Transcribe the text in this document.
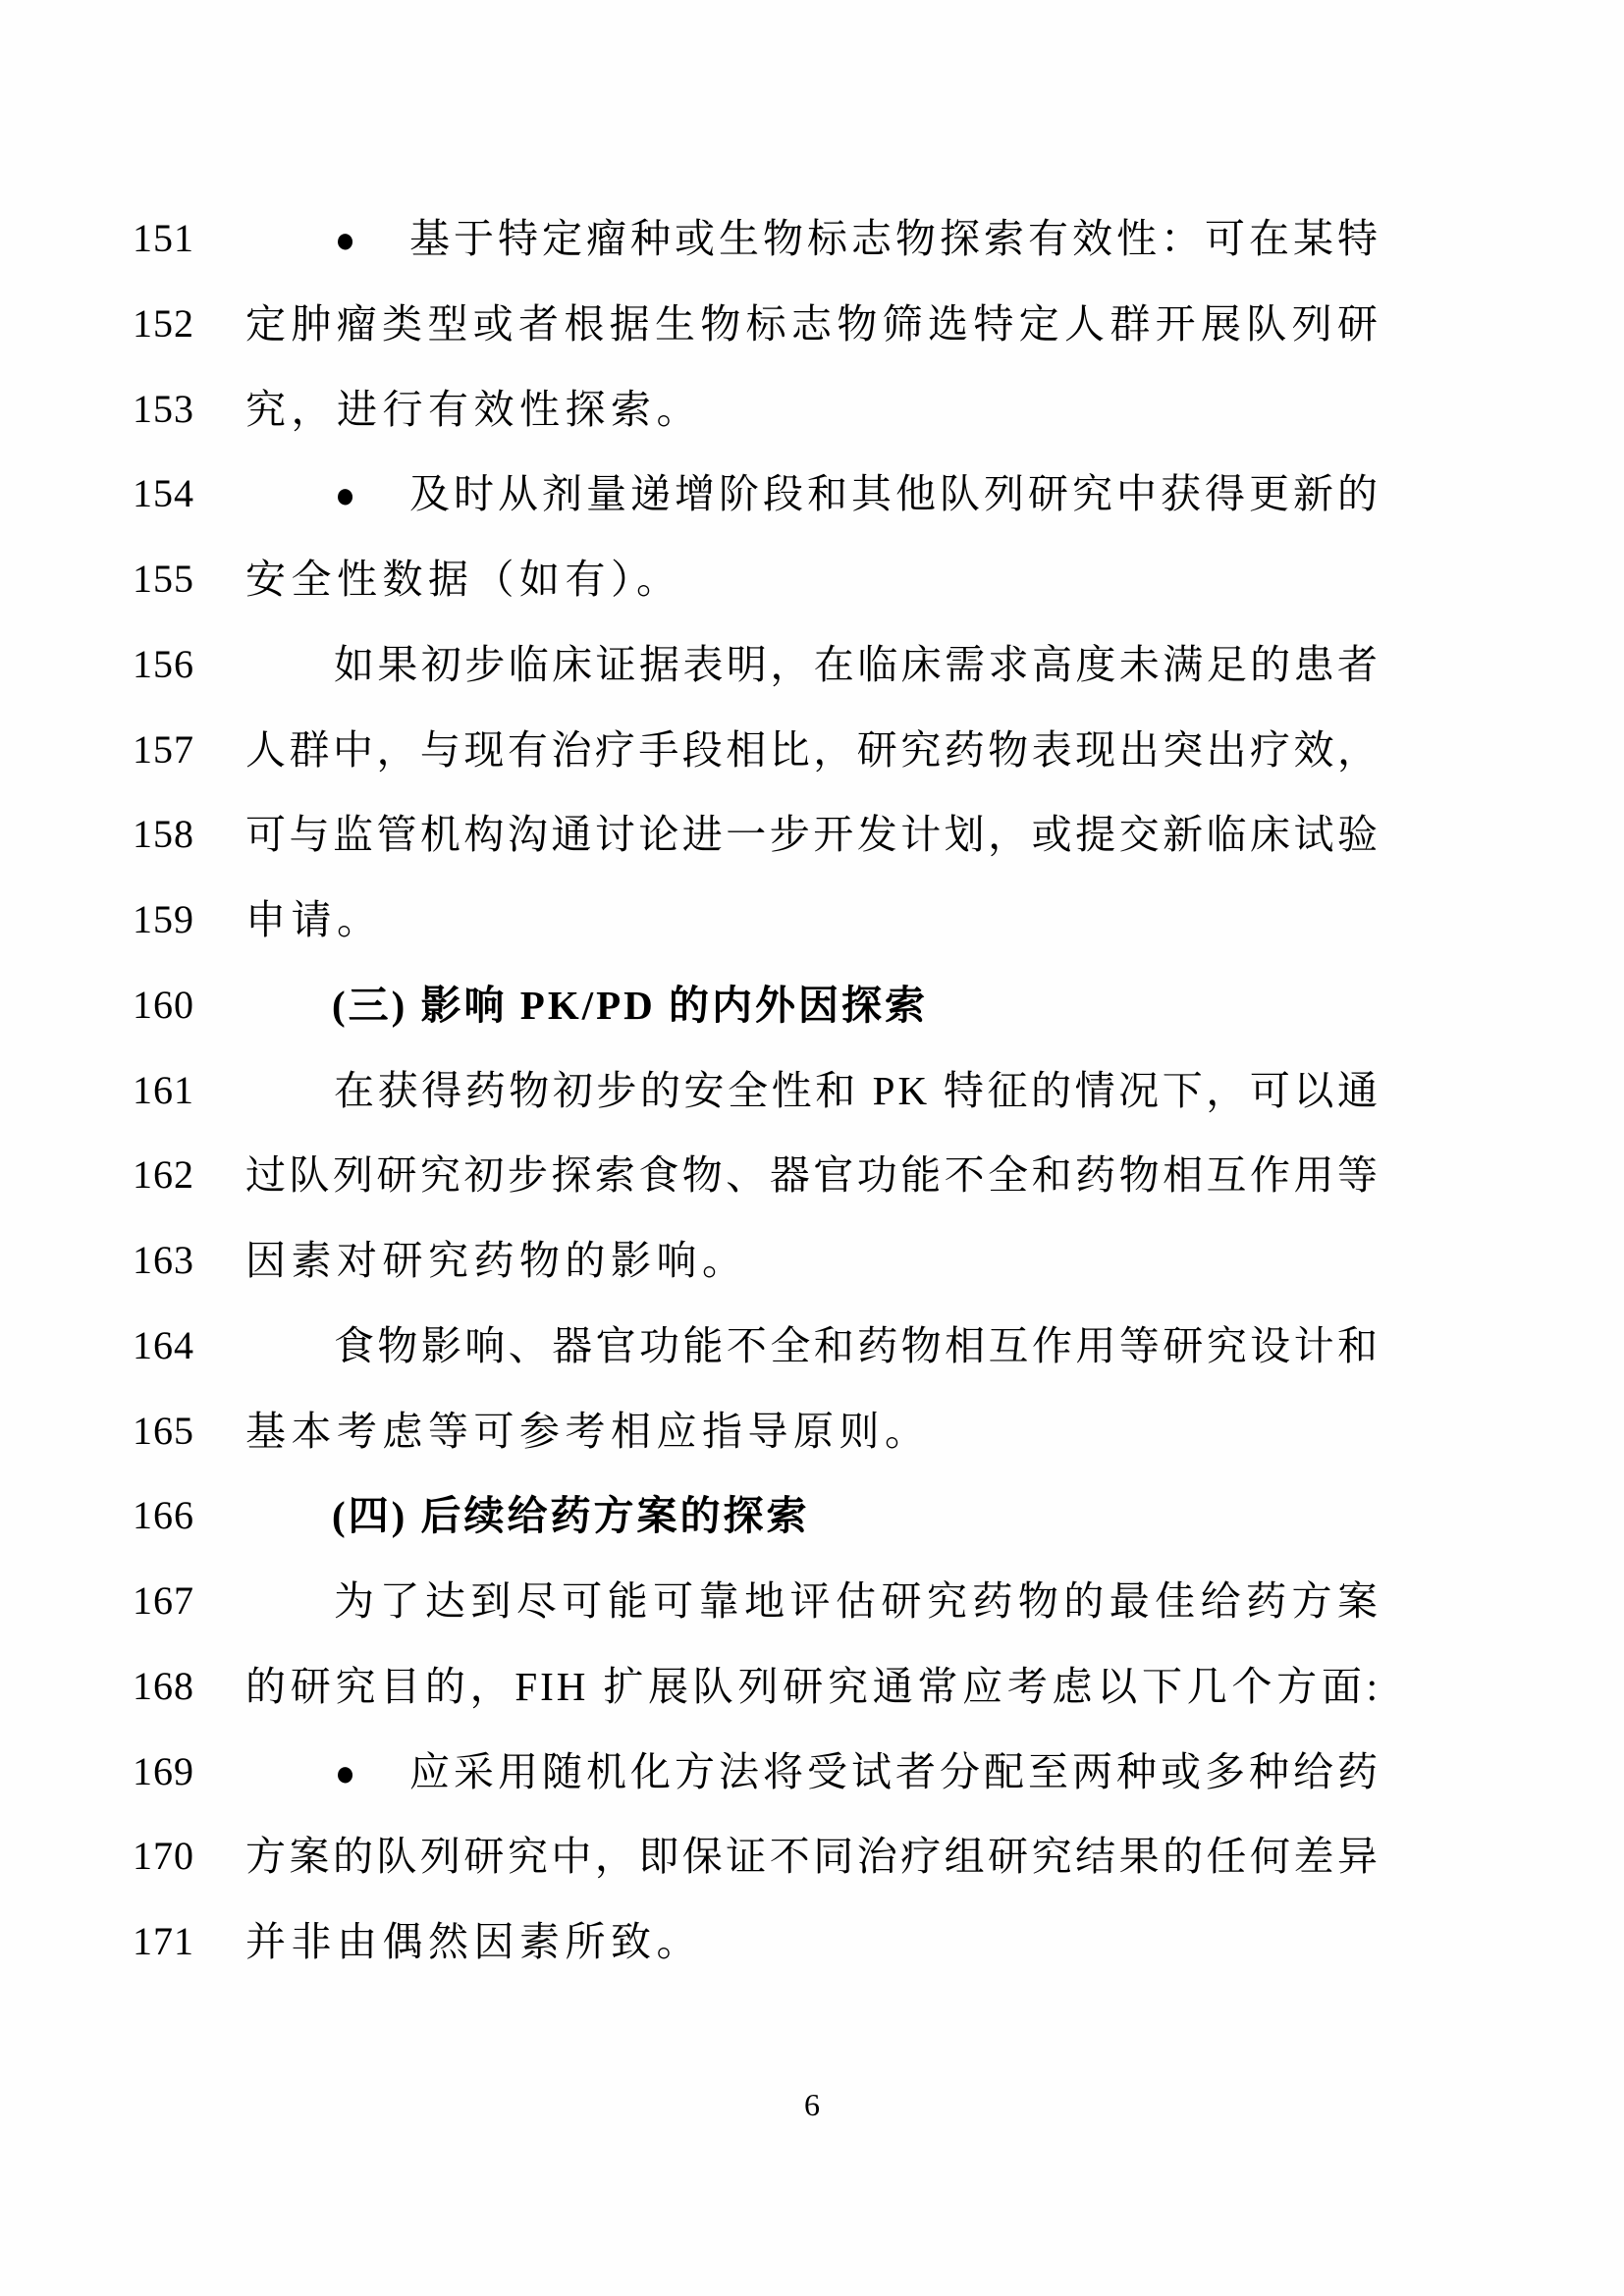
151	● 基于特定瘤种或生物标志物探索有效性：可在某特
152 定肿瘤类型或者根据生物标志物筛选特定人群开展队列研
153 究，进行有效性探索。
154	● 及时从剂量递增阶段和其他队列研究中获得更新的
155 安全性数据（如有）。
156	如果初步临床证据表明，在临床需求高度未满足的患者
157 人群中，与现有治疗手段相比，研究药物表现出突出疗效，
158 可与监管机构沟通讨论进一步开发计划，或提交新临床试验
159 申请。
160	(三) 影响 PK/PD 的内外因探索
161	在获得药物初步的安全性和 PK 特征的情况下，可以通
162 过队列研究初步探索食物、器官功能不全和药物相互作用等
163 因素对研究药物的影响。
164	食物影响、器官功能不全和药物相互作用等研究设计和
165 基本考虑等可参考相应指导原则。
166	(四) 后续给药方案的探索
167	为了达到尽可能可靠地评估研究药物的最佳给药方案
168 的研究目的，FIH 扩展队列研究通常应考虑以下几个方面:
169	● 应采用随机化方法将受试者分配至两种或多种给药
170 方案的队列研究中，即保证不同治疗组研究结果的任何差异
171 并非由偶然因素所致。
6
